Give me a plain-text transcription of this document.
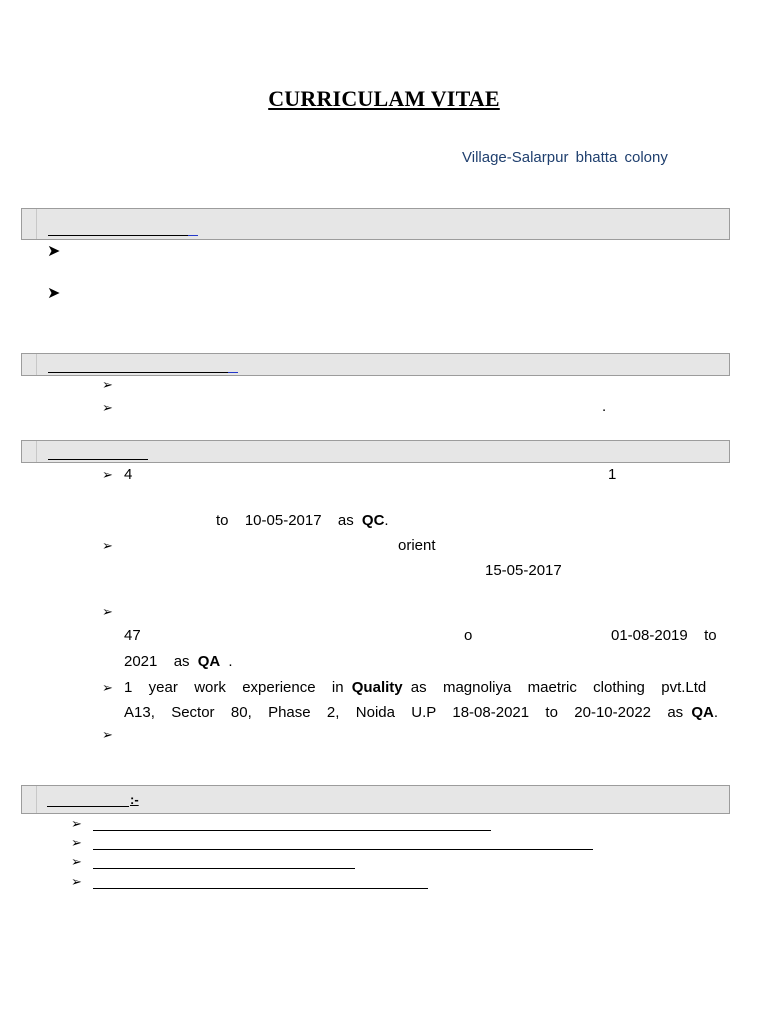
CURRICULAM VITAE
Village-Salarpur bhatta colony
➤
➤
➢
➢	.
➢ 4	1
to  10-05-2017  as QC.
➢	orient
15-05-2017
➢
47	o	01-08-2019  to
2021  as QA .
➢ 1  year  work  experience  in Quality as  magnoliya  maetric  clothing  pvt.Ltd
A13,  Sector  80,  Phase  2,  Noida  U.P  18-08-2021  to  20-10-2022  as QA.
➢
:-
➢
➢
➢
➢
